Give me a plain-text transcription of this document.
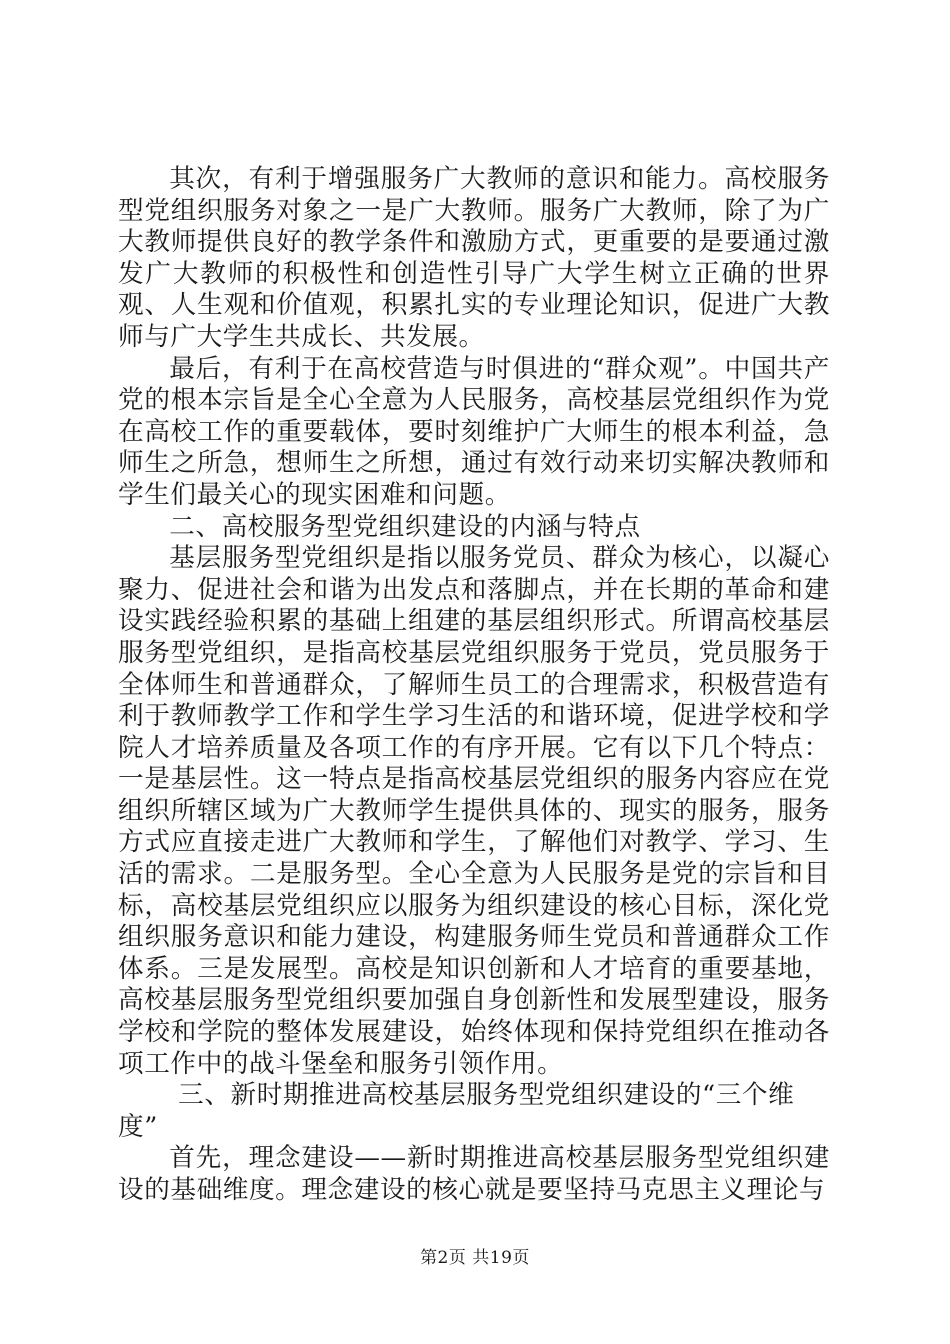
其次，有利于增强服务广大教师的意识和能力。高校服务型党组织服务对象之一是广大教师。服务广大教师，除了为广大教师提供良好的教学条件和激励方式，更重要的是要通过激发广大教师的积极性和创造性引导广大学生树立正确的世界观、人生观和价值观，积累扎实的专业理论知识，促进广大教师与广大学生共成长、共发展。

最后，有利于在高校营造与时俱进的“群众观”。中国共产党的根本宗旨是全心全意为人民服务，高校基层党组织作为党在高校工作的重要载体，要时刻维护广大师生的根本利益，急师生之所急，想师生之所想，通过有效行动来切实解决教师和学生们最关心的现实困难和问题。

二、高校服务型党组织建设的内涵与特点

基层服务型党组织是指以服务党员、群众为核心，以凝心聚力、促进社会和谐为出发点和落脚点，并在长期的革命和建设实践经验积累的基础上组建的基层组织形式。所谓高校基层服务型党组织，是指高校基层党组织服务于党员，党员服务于全体师生和普通群众，了解师生员工的合理需求，积极营造有利于教师教学工作和学生学习生活的和谐环境，促进学校和学院人才培养质量及各项工作的有序开展。它有以下几个特点：一是基层性。这一特点是指高校基层党组织的服务内容应在党组织所辖区域为广大教师学生提供具体的、现实的服务，服务方式应直接走进广大教师和学生，了解他们对教学、学习、生活的需求。二是服务型。全心全意为人民服务是党的宗旨和目标，高校基层党组织应以服务为组织建设的核心目标，深化党组织服务意识和能力建设，构建服务师生党员和普通群众工作体系。三是发展型。高校是知识创新和人才培育的重要基地，高校基层服务型党组织要加强自身创新性和发展型建设，服务学校和学院的整体发展建设，始终体现和保持党组织在推动各项工作中的战斗堡垒和服务引领作用。

三、新时期推进高校基层服务型党组织建设的“三个维度”

首先，理念建设——新时期推进高校基层服务型党组织建设的基础维度。理念建设的核心就是要坚持马克思主义理论与

第2页 共19页
